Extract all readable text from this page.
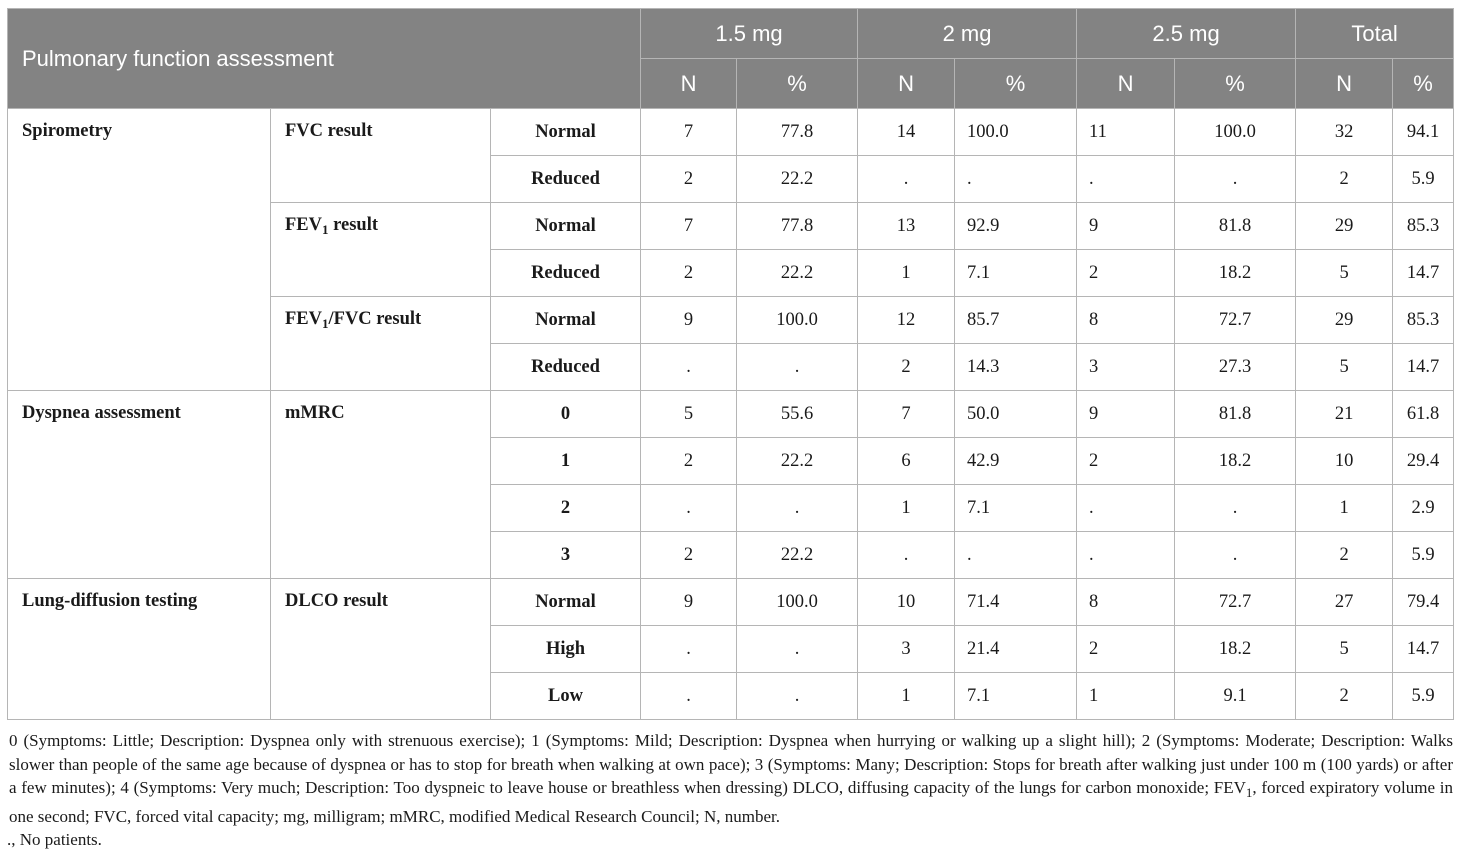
Pulmonary function assessment			1.5 mg		2 mg		2.5 mg		Total	
			N	%	N	%	N	%	N	%
Spirometry	FVC result	Normal	7	77.8	14	100.0	11	100.0	32	94.1
		Reduced	2	22.2	.	.	.	.	2	5.9
	$FEV_1$ result	Normal	7	77.8	13	92.9	9	81.8	29	85.3
		Reduced	2	22.2	1	7.1	2	18.2	5	14.7
	$FEV_1$/FVC result	Normal	9	100.0	12	85.7	8	72.7	29	85.3
		Reduced	.	.	2	14.3	3	27.3	5	14.7
Dyspnea assessment	mMRC	0	5	55.6	7	50.0	9	81.8	21	61.8
		1	2	22.2	6	42.9	2	18.2	10	29.4
		2	.	.	1	7.1	.	.	1	2.9
		3	2	22.2	.	.	.	.	2	5.9
Lung-diffusion testing	DLCO result	Normal	9	100.0	10	71.4	8	72.7	27	79.4
		High	.	.	3	21.4	2	18.2	5	14.7
		Low	.	.	1	7.1	1	9.1	2	5.9

0 (Symptoms: Little; Description: Dyspnea only with strenuous exercise); 1 (Symptoms: Mild; Description: Dyspnea when hurrying or walking up a slight hill); 2 (Symptoms: Moderate; Description: Walks slower than people of the same age because of dyspnea or has to stop for breath when walking at own pace); 3 (Symptoms: Many; Description: Stops for breath after walking just under 100 m (100 yards) or after a few minutes); 4 (Symptoms: Very much; Description: Too dyspneic to leave house or breathless when dressing) DLCO, diffusing capacity of the lungs for carbon monoxide; $FEV_1$, forced expiratory volume in one second; FVC, forced vital capacity; mg, milligram; mMRC, modified Medical Research Council; N, number.

., No patients.
